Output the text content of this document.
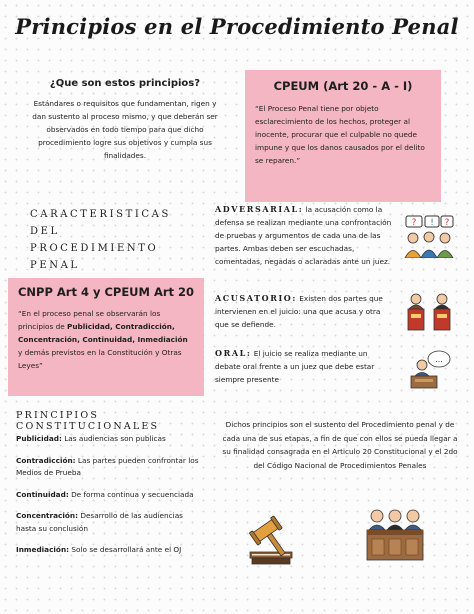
Principios en el Procedimiento Penal
¿Que son estos principios?
Estándares o requisitos que fundamentan, rigen y dan sustento al proceso mismo, y que deberán ser observados en todo tiempo para que dicho procedimiento logre sus objetivos y cumpla sus finalidades.
CPEUM (Art 20 - A - I)
“El Proceso Penal tiene por objeto esclarecimiento de los hechos, proteger al inocente, procurar que el culpable no quede impune y que los danos causados por el delito se reparen.”
CARACTERISTICAS DEL PROCEDIMIENTO PENAL
ADVERSARIAL: la acusación como la defensa se realizan mediante una confrontación de pruebas y argumentos de cada una de las partes. Ambas deben ser escuchadas, comentadas, negadas o aclaradas ante un juez.
ACUSATORIO: Existen dos partes que intervienen en el juicio: una que acusa y otra que se defiende.
ORAL: El juicio se realiza mediante un debate oral frente a un juez que debe estar siempre presente
CNPP Art 4 y CPEUM Art 20
“En el proceso penal se observarán los principios de Publicidad, Contradicción, Concentración, Continuidad, Inmediación y demás previstos en la Constitución y Otras Leyes”
PRINCIPIOS CONSTITUCIONALES
Publicidad: Las audiencias son publicas
Contradicción: Las partes pueden confrontar los Medios de Prueba
Continuidad: De forma continua y secuenciada
Concentración: Desarrollo de las audiencias hasta su conclusión
Inmediación: Solo se desarrollará ante el OJ
Dichos principios son el sustento del Procedimiento penal y de cada una de sus etapas, a fin de que con ellos se pueda llegar a su finalidad consagrada en el Articulo 20 Constitucional y el 2do del Código Nacional de Procedimientos Penales
? ! ?
...
